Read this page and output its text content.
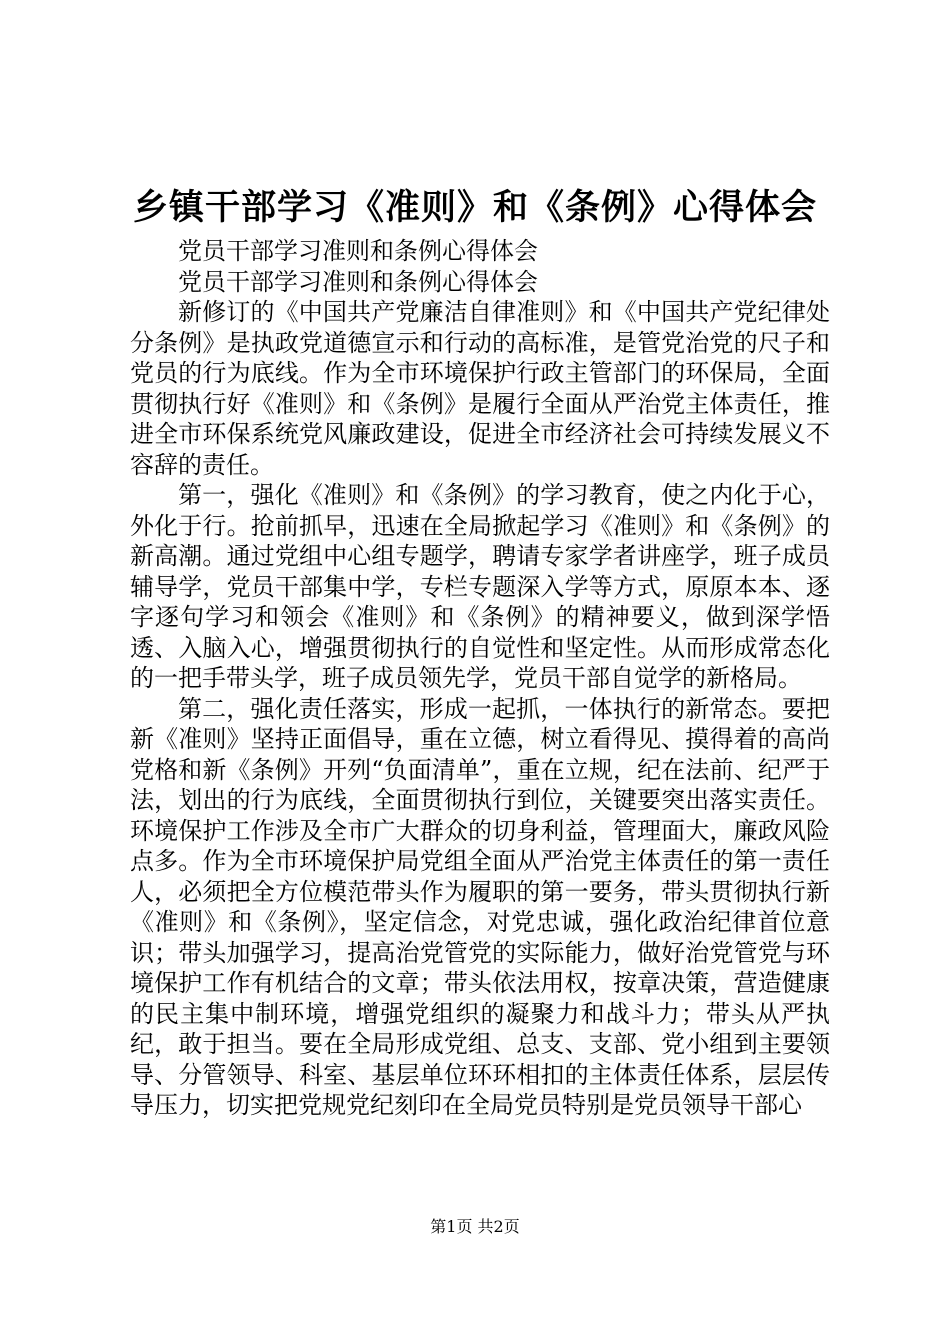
乡镇干部学习《准则》和《条例》心得体会

党员干部学习准则和条例心得体会

党员干部学习准则和条例心得体会

新修订的《中国共产党廉洁自律准则》和《中国共产党纪律处分条例》是执政党道德宣示和行动的高标准，是管党治党的尺子和党员的行为底线。作为全市环境保护行政主管部门的环保局，全面贯彻执行好《准则》和《条例》是履行全面从严治党主体责任，推进全市环保系统党风廉政建设，促进全市经济社会可持续发展义不容辞的责任。

第一，强化《准则》和《条例》的学习教育，使之内化于心，外化于行。抢前抓早，迅速在全局掀起学习《准则》和《条例》的新高潮。通过党组中心组专题学，聘请专家学者讲座学，班子成员辅导学，党员干部集中学，专栏专题深入学等方式，原原本本、逐字逐句学习和领会《准则》和《条例》的精神要义，做到深学悟透、入脑入心，增强贯彻执行的自觉性和坚定性。从而形成常态化的一把手带头学，班子成员领先学，党员干部自觉学的新格局。

第二，强化责任落实，形成一起抓，一体执行的新常态。要把新《准则》坚持正面倡导，重在立德，树立看得见、摸得着的高尚党格和新《条例》开列“负面清单”，重在立规，纪在法前、纪严于法，划出的行为底线，全面贯彻执行到位，关键要突出落实责任。环境保护工作涉及全市广大群众的切身利益，管理面大，廉政风险点多。作为全市环境保护局党组全面从严治党主体责任的第一责任人，必须把全方位模范带头作为履职的第一要务，带头贯彻执行新《准则》和《条例》，坚定信念，对党忠诚，强化政治纪律首位意识；带头加强学习，提高治党管党的实际能力，做好治党管党与环境保护工作有机结合的文章；带头依法用权，按章决策，营造健康的民主集中制环境，增强党组织的凝聚力和战斗力；带头从严执纪，敢于担当。要在全局形成党组、总支、支部、党小组到主要领导、分管领导、科室、基层单位环环相扣的主体责任体系，层层传导压力，切实把党规党纪刻印在全局党员特别是党员领导干部心

第1页 共2页
